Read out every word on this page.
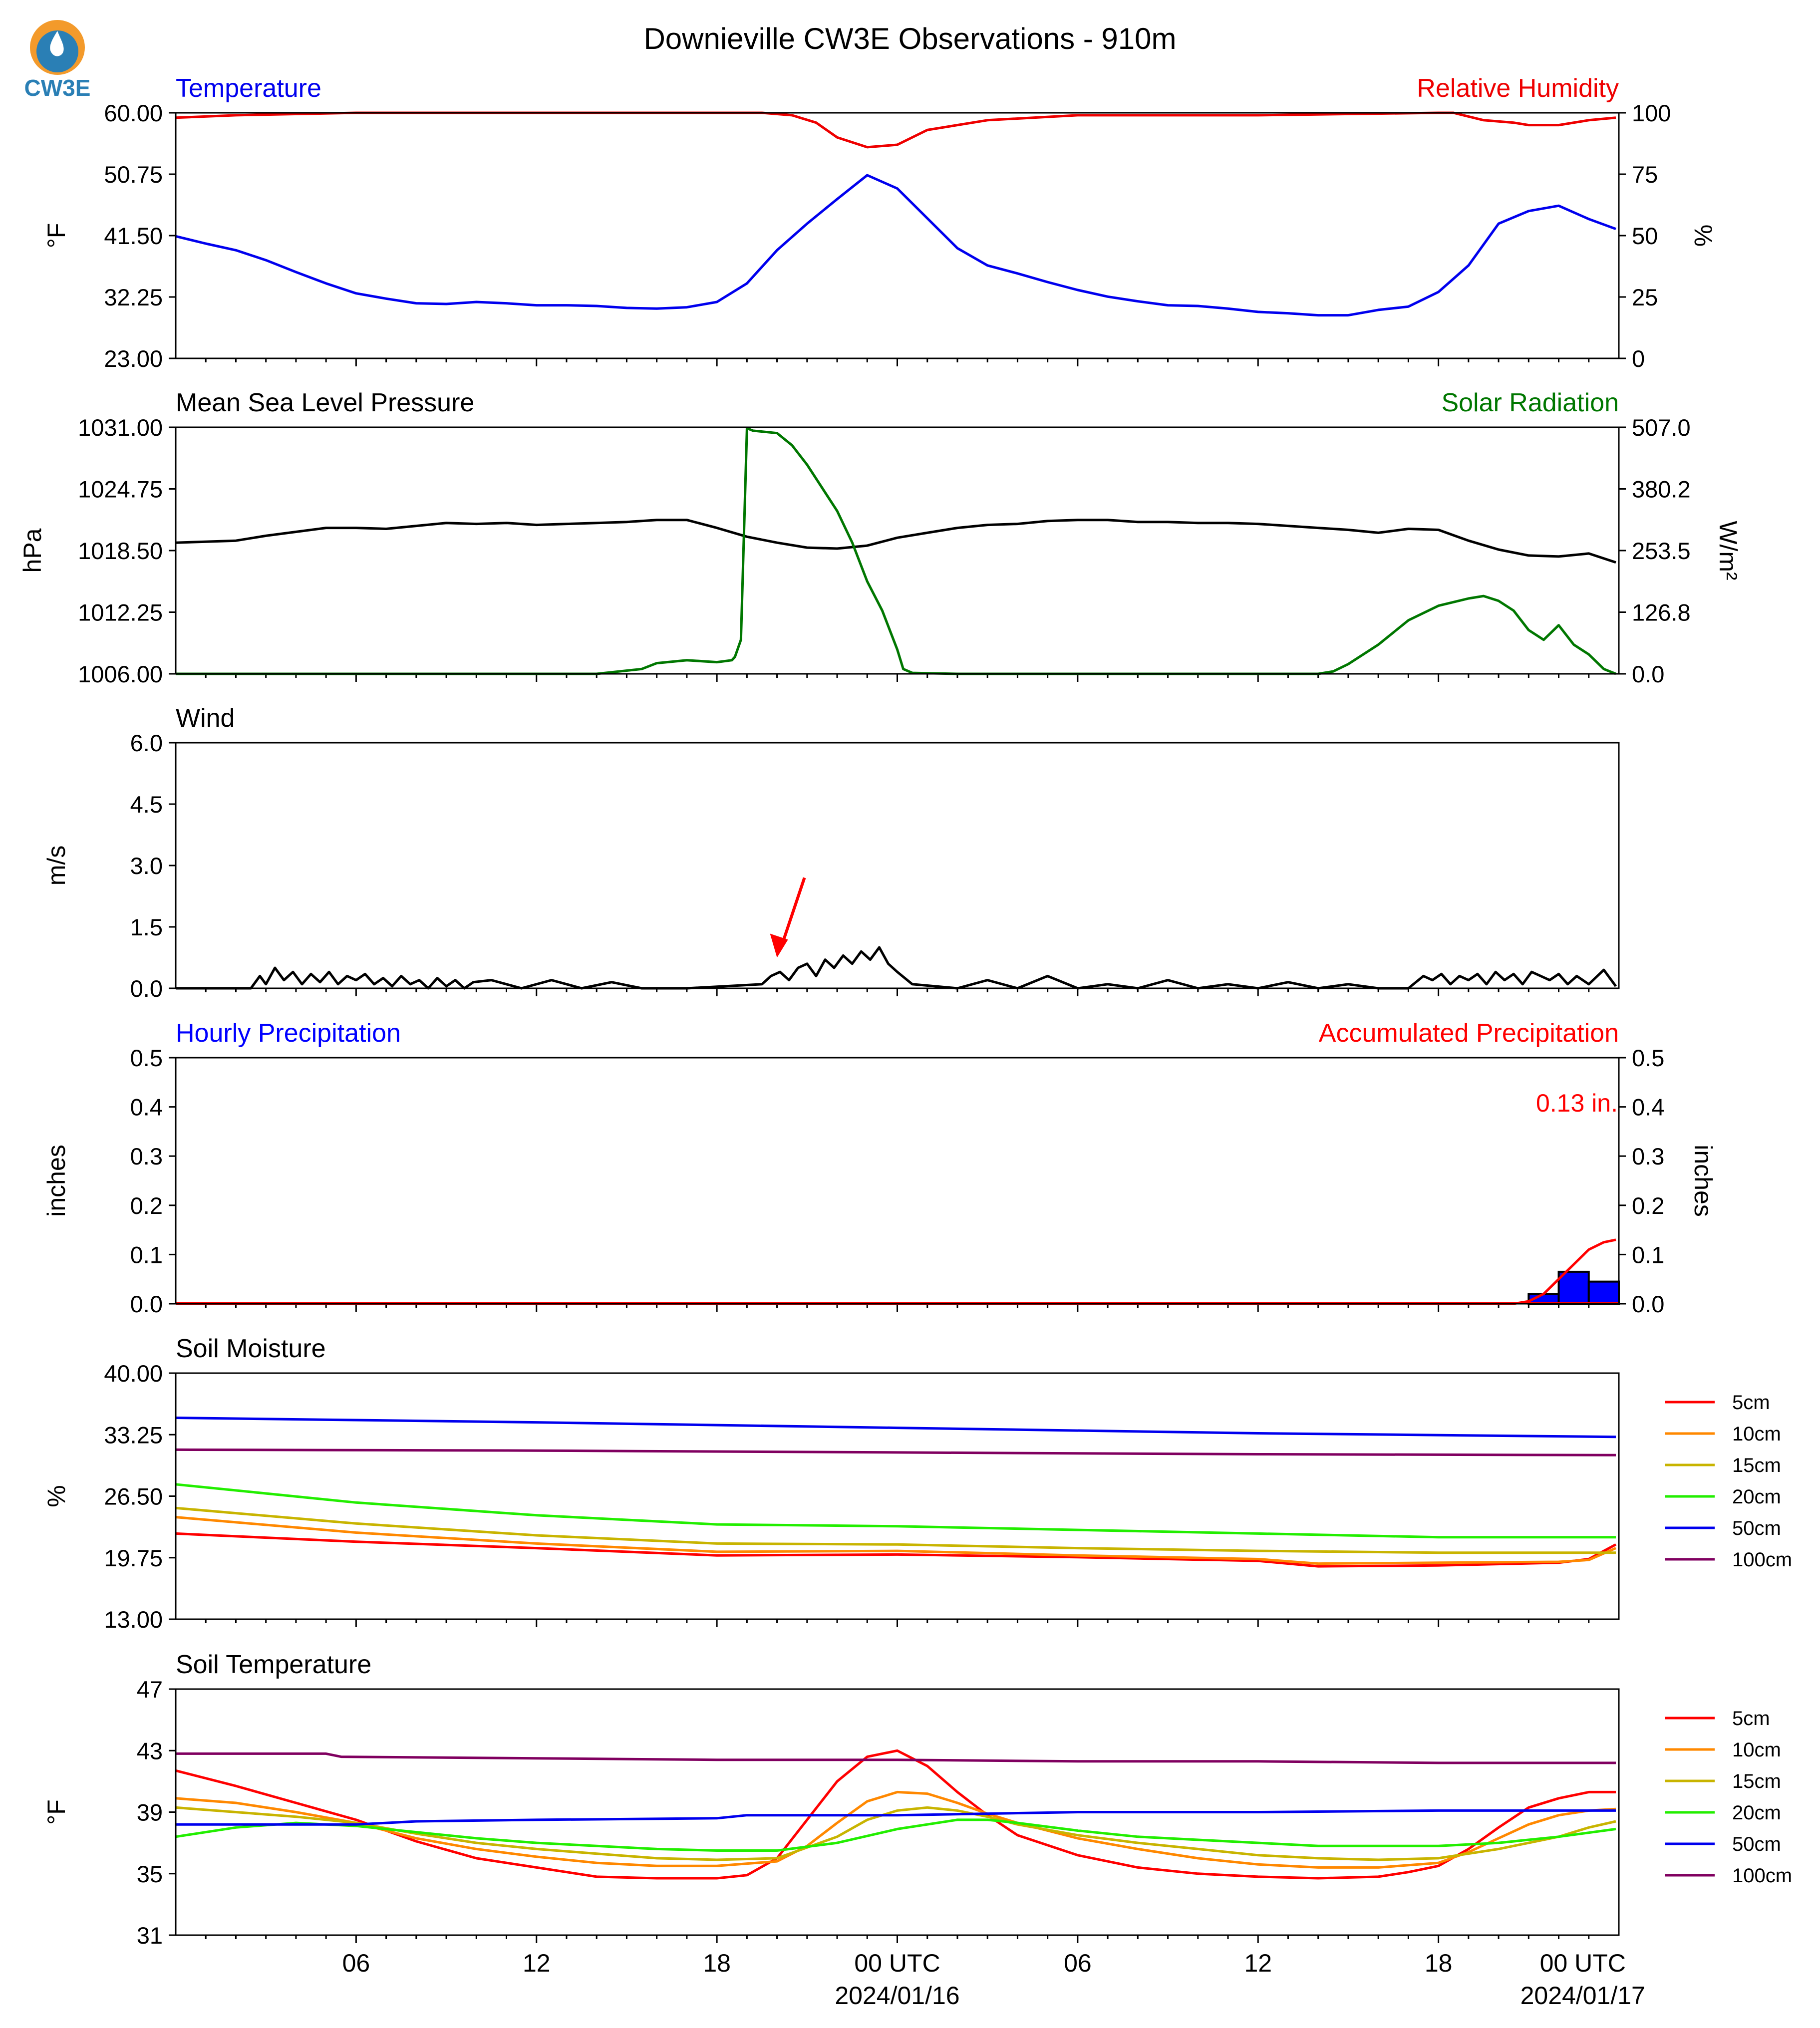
CW3E
Downieville CW3E Observations - 910m
60.00
50.75
41.50
32.25
23.00
100
75
50
25
0
°F	%
Temperature	Relative Humidity
1031.00
1024.75
1018.50
1012.25
1006.00
507.0
380.2
253.5
126.8
0.0
hPa	W/m²
Mean Sea Level Pressure	Solar Radiation
6.0
4.5
3.0
1.5
0.0
m/s
Wind
0.5
0.4
0.3
0.2
0.1
0.0
0.5
0.4
0.3
0.2
0.1
0.0
inches	inches
Hourly Precipitation	Accumulated Precipitation
0.13 in.
40.00
33.25
26.50
19.75
13.00
%
Soil Moisture
5cm
10cm
15cm
20cm
50cm
100cm
47
43
39
35
31
°F
Soil Temperature
5cm
10cm
15cm
20cm
50cm
100cm
06	12	18	00 UTC	06	12	18	00 UTC
2024/01/16	2024/01/17
